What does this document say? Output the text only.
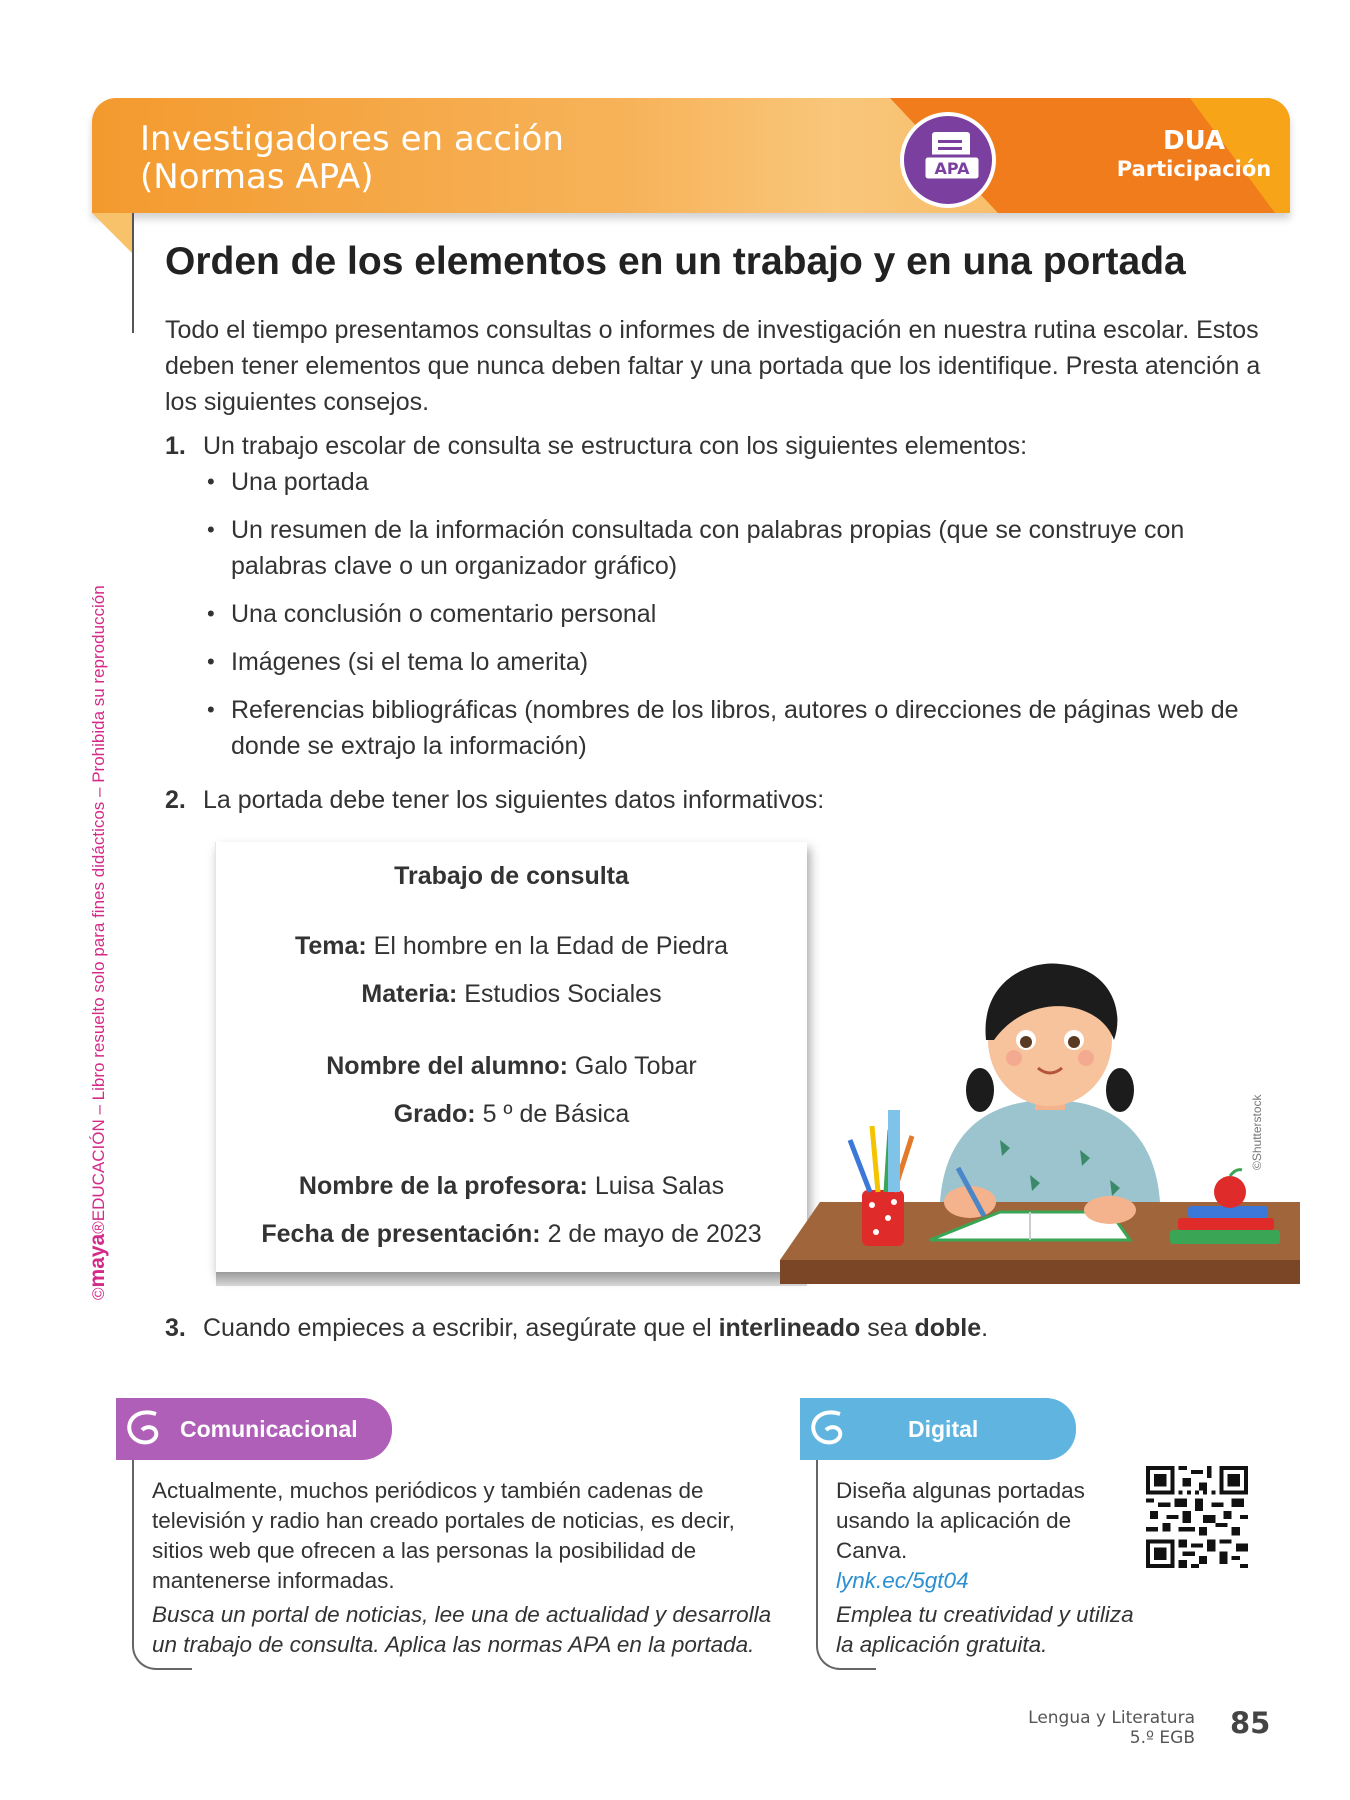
Investigadores en acción
(Normas APA)	APA
DUA
Participación
©maya®EDUCACIÓN – Libro resuelto solo para fines didácticos – Prohibida su reproducción
Orden de los elementos en un trabajo y en una portada

Todo el tiempo presentamos consultas o informes de investigación en nuestra rutina escolar. Estos deben tener elementos que nunca deben faltar y una portada que los identifique. Presta atención a los siguientes consejos.

1. Un trabajo escolar de consulta se estructura con los siguientes elementos:
• Una portada
• Un resumen de la información consultada con palabras propias (que se construye con palabras clave o un organizador gráfico)
• Una conclusión o comentario personal
• Imágenes (si el tema lo amerita)
• Referencias bibliográficas (nombres de los libros, autores o direcciones de páginas web de donde se extrajo la información)
2. La portada debe tener los siguientes datos informativos:
Trabajo de consulta
Tema: El hombre en la Edad de Piedra
Materia: Estudios Sociales
Nombre del alumno: Galo Tobar
Grado: 5 º de Básica
Nombre de la profesora: Luisa Salas
Fecha de presentación: 2 de mayo de 2023
©Shutterstock
3. Cuando empieces a escribir, asegúrate que el interlineado sea doble.
Comunicacional
Actualmente, muchos periódicos y también cadenas de televisión y radio han creado portales de noticias, es decir, sitios web que ofrecen a las personas la posibilidad de mantenerse informadas.
Busca un portal de noticias, lee una de actualidad y desarrolla un trabajo de consulta. Aplica las normas APA en la portada.
Digital
Diseña algunas portadas usando la aplicación de Canva.
lynk.ec/5gt04
Emplea tu creatividad y utiliza la aplicación gratuita.
Lengua y Literatura
5.º EGB 85
